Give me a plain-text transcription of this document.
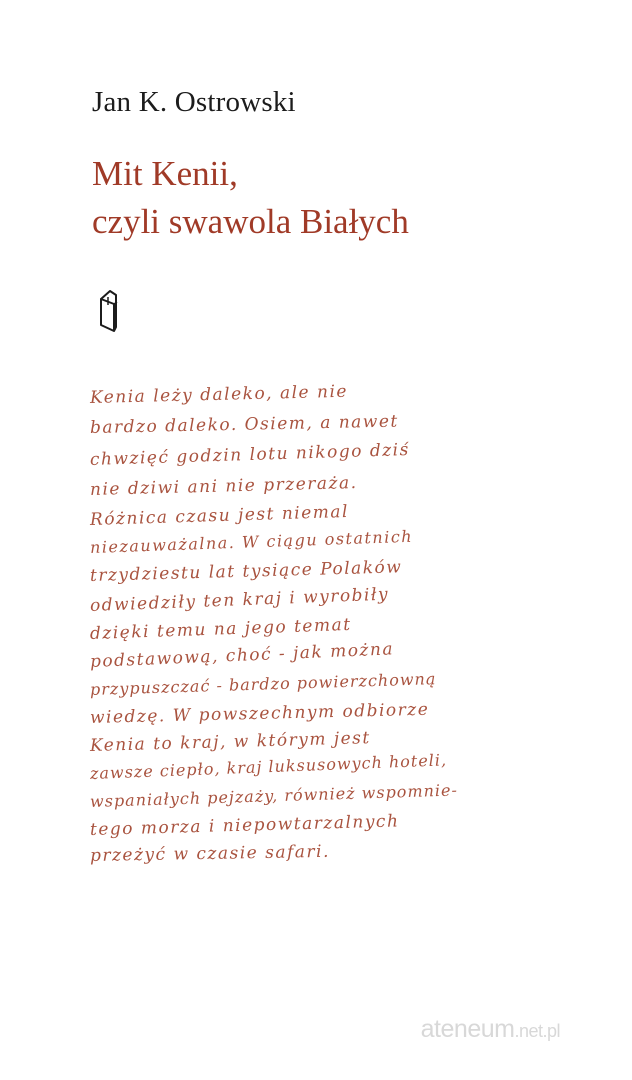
Jan K. Ostrowski
Mit Kenii,
czyli swawola Białych
Kenia leży daleko, ale nie
bardzo daleko. Osiem, a nawet
chwzięć godzin lotu nikogo dziś
nie dziwi ani nie przeraża.
Różnica czasu jest niemal
niezauważalna. W ciągu ostatnich
trzydziestu lat tysiące Polaków
odwiedziły ten kraj i wyrobiły
dzięki temu na jego temat
podstawową, choć - jak można
przypuszczać - bardzo powierzchowną
wiedzę. W powszechnym odbiorze
Kenia to kraj, w którym jest
zawsze ciepło, kraj luksusowych hoteli,
wspaniałych pejzaży, również wspomnie-
tego morza i niepowtarzalnych
przeżyć w czasie safari.
ateneum.net.pl
